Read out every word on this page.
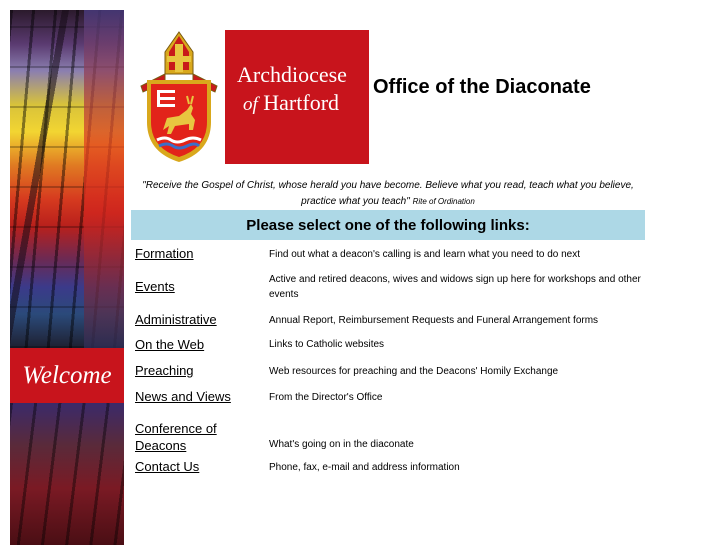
Welcome
Archdiocese
of Hartford
Office of the Diaconate
"Receive the Gospel of Christ, whose herald you have become. Believe what you read, teach what you believe, practice what you teach" Rite of Ordination
Please select one of the following links:
Formation	Find out what a deacon's calling is and learn what you need to do next
Events	Active and retired deacons, wives and widows sign up here for workshops and other events
Administrative	Annual Report, Reimbursement Requests and Funeral Arrangement forms
On the Web	Links to Catholic websites
Preaching	Web resources for preaching and the Deacons' Homily Exchange
News and Views	From the Director's Office
Conference of Deacons	What's going on in the diaconate
Contact Us	Phone, fax, e-mail and address information
